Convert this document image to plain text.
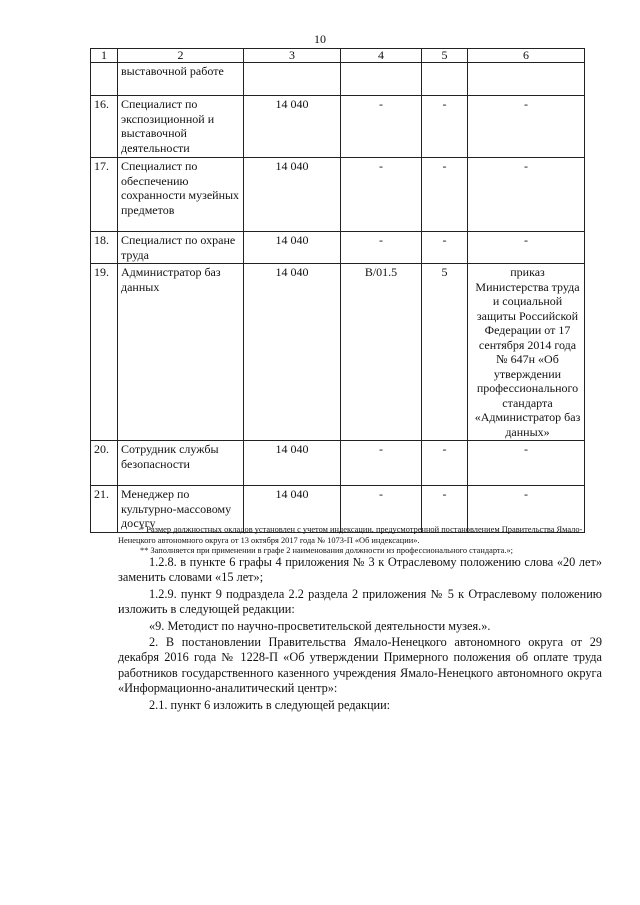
10
1	2	3	4	5	6
	выставочной работе				
16.	Специалист по экспозиционной и выставочной деятельности	14 040	-	-	-
17.	Специалист по обеспечению сохранности музейных предметов	14 040	-	-	-
18.	Специалист по охране труда	14 040	-	-	-
19.	Администратор баз данных	14 040	B/01.5	5	приказ Министерства труда и социальной защиты Российской Федерации от 17 сентября 2014 года № 647н «Об утверждении профессионального стандарта «Администратор баз данных»
20.	Сотрудник службы безопасности	14 040	-	-	-
21.	Менеджер по культурно-массовому досугу	14 040	-	-	-
* Размер должностных окладов установлен с учетом индексации, предусмотренной постановлением Правительства Ямало-Ненецкого автономного округа от 13 октября 2017 года № 1073-П «Об индексации».
** Заполняется при применении в графе 2 наименования должности из профессионального стандарта.»;

1.2.8. в пункте 6 графы 4 приложения № 3 к Отраслевому положению слова «20 лет» заменить словами «15 лет»;

1.2.9. пункт 9 подраздела 2.2 раздела 2 приложения № 5 к Отраслевому положению изложить в следующей редакции:

«9. Методист по научно-просветительской деятельности музея.».

2. В постановлении Правительства Ямало-Ненецкого автономного округа от 29 декабря 2016 года № 1228-П «Об утверждении Примерного положения об оплате труда работников государственного казенного учреждения Ямало-Ненецкого автономного округа «Информационно-аналитический центр»:

2.1. пункт 6 изложить в следующей редакции:
